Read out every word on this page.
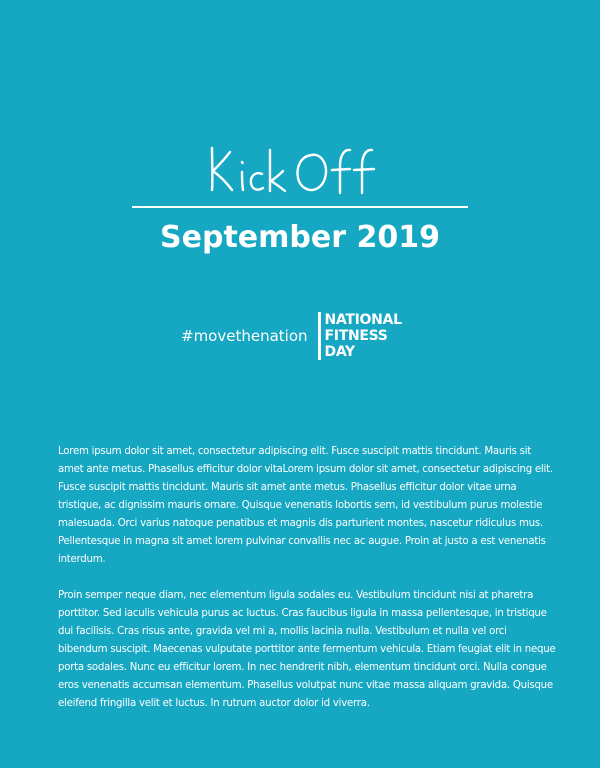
September 2019
#movethenation
NATIONAL
FITNESS
DAY

Lorem ipsum dolor sit amet, consectetur adipiscing elit. Fusce suscipit mattis tincidunt. Mauris sit amet ante metus. Phasellus efficitur dolor vitaLorem ipsum dolor sit amet, consectetur adipiscing elit. Fusce suscipit mattis tincidunt. Mauris sit amet ante metus. Phasellus efficitur dolor vitae urna tristique, ac dignissim mauris ornare. Quisque venenatis lobortis sem, id vestibulum purus molestie malesuada. Orci varius natoque penatibus et magnis dis parturient montes, nascetur ridiculus mus. Pellentesque in magna sit amet lorem pulvinar convallis nec ac augue. Proin at justo a est venenatis interdum.

Proin semper neque diam, nec elementum ligula sodales eu. Vestibulum tincidunt nisi at pharetra porttitor. Sed iaculis vehicula purus ac luctus. Cras faucibus ligula in massa pellentesque, in tristique dui facilisis. Cras risus ante, gravida vel mi a, mollis lacinia nulla. Vestibulum et nulla vel orci bibendum suscipit. Maecenas vulputate porttitor ante fermentum vehicula. Etiam feugiat elit in neque porta sodales. Nunc eu efficitur lorem. In nec hendrerit nibh, elementum tincidunt orci. Nulla congue eros venenatis accumsan elementum. Phasellus volutpat nunc vitae massa aliquam gravida. Quisque eleifend fringilla velit et luctus. In rutrum auctor dolor id viverra.
